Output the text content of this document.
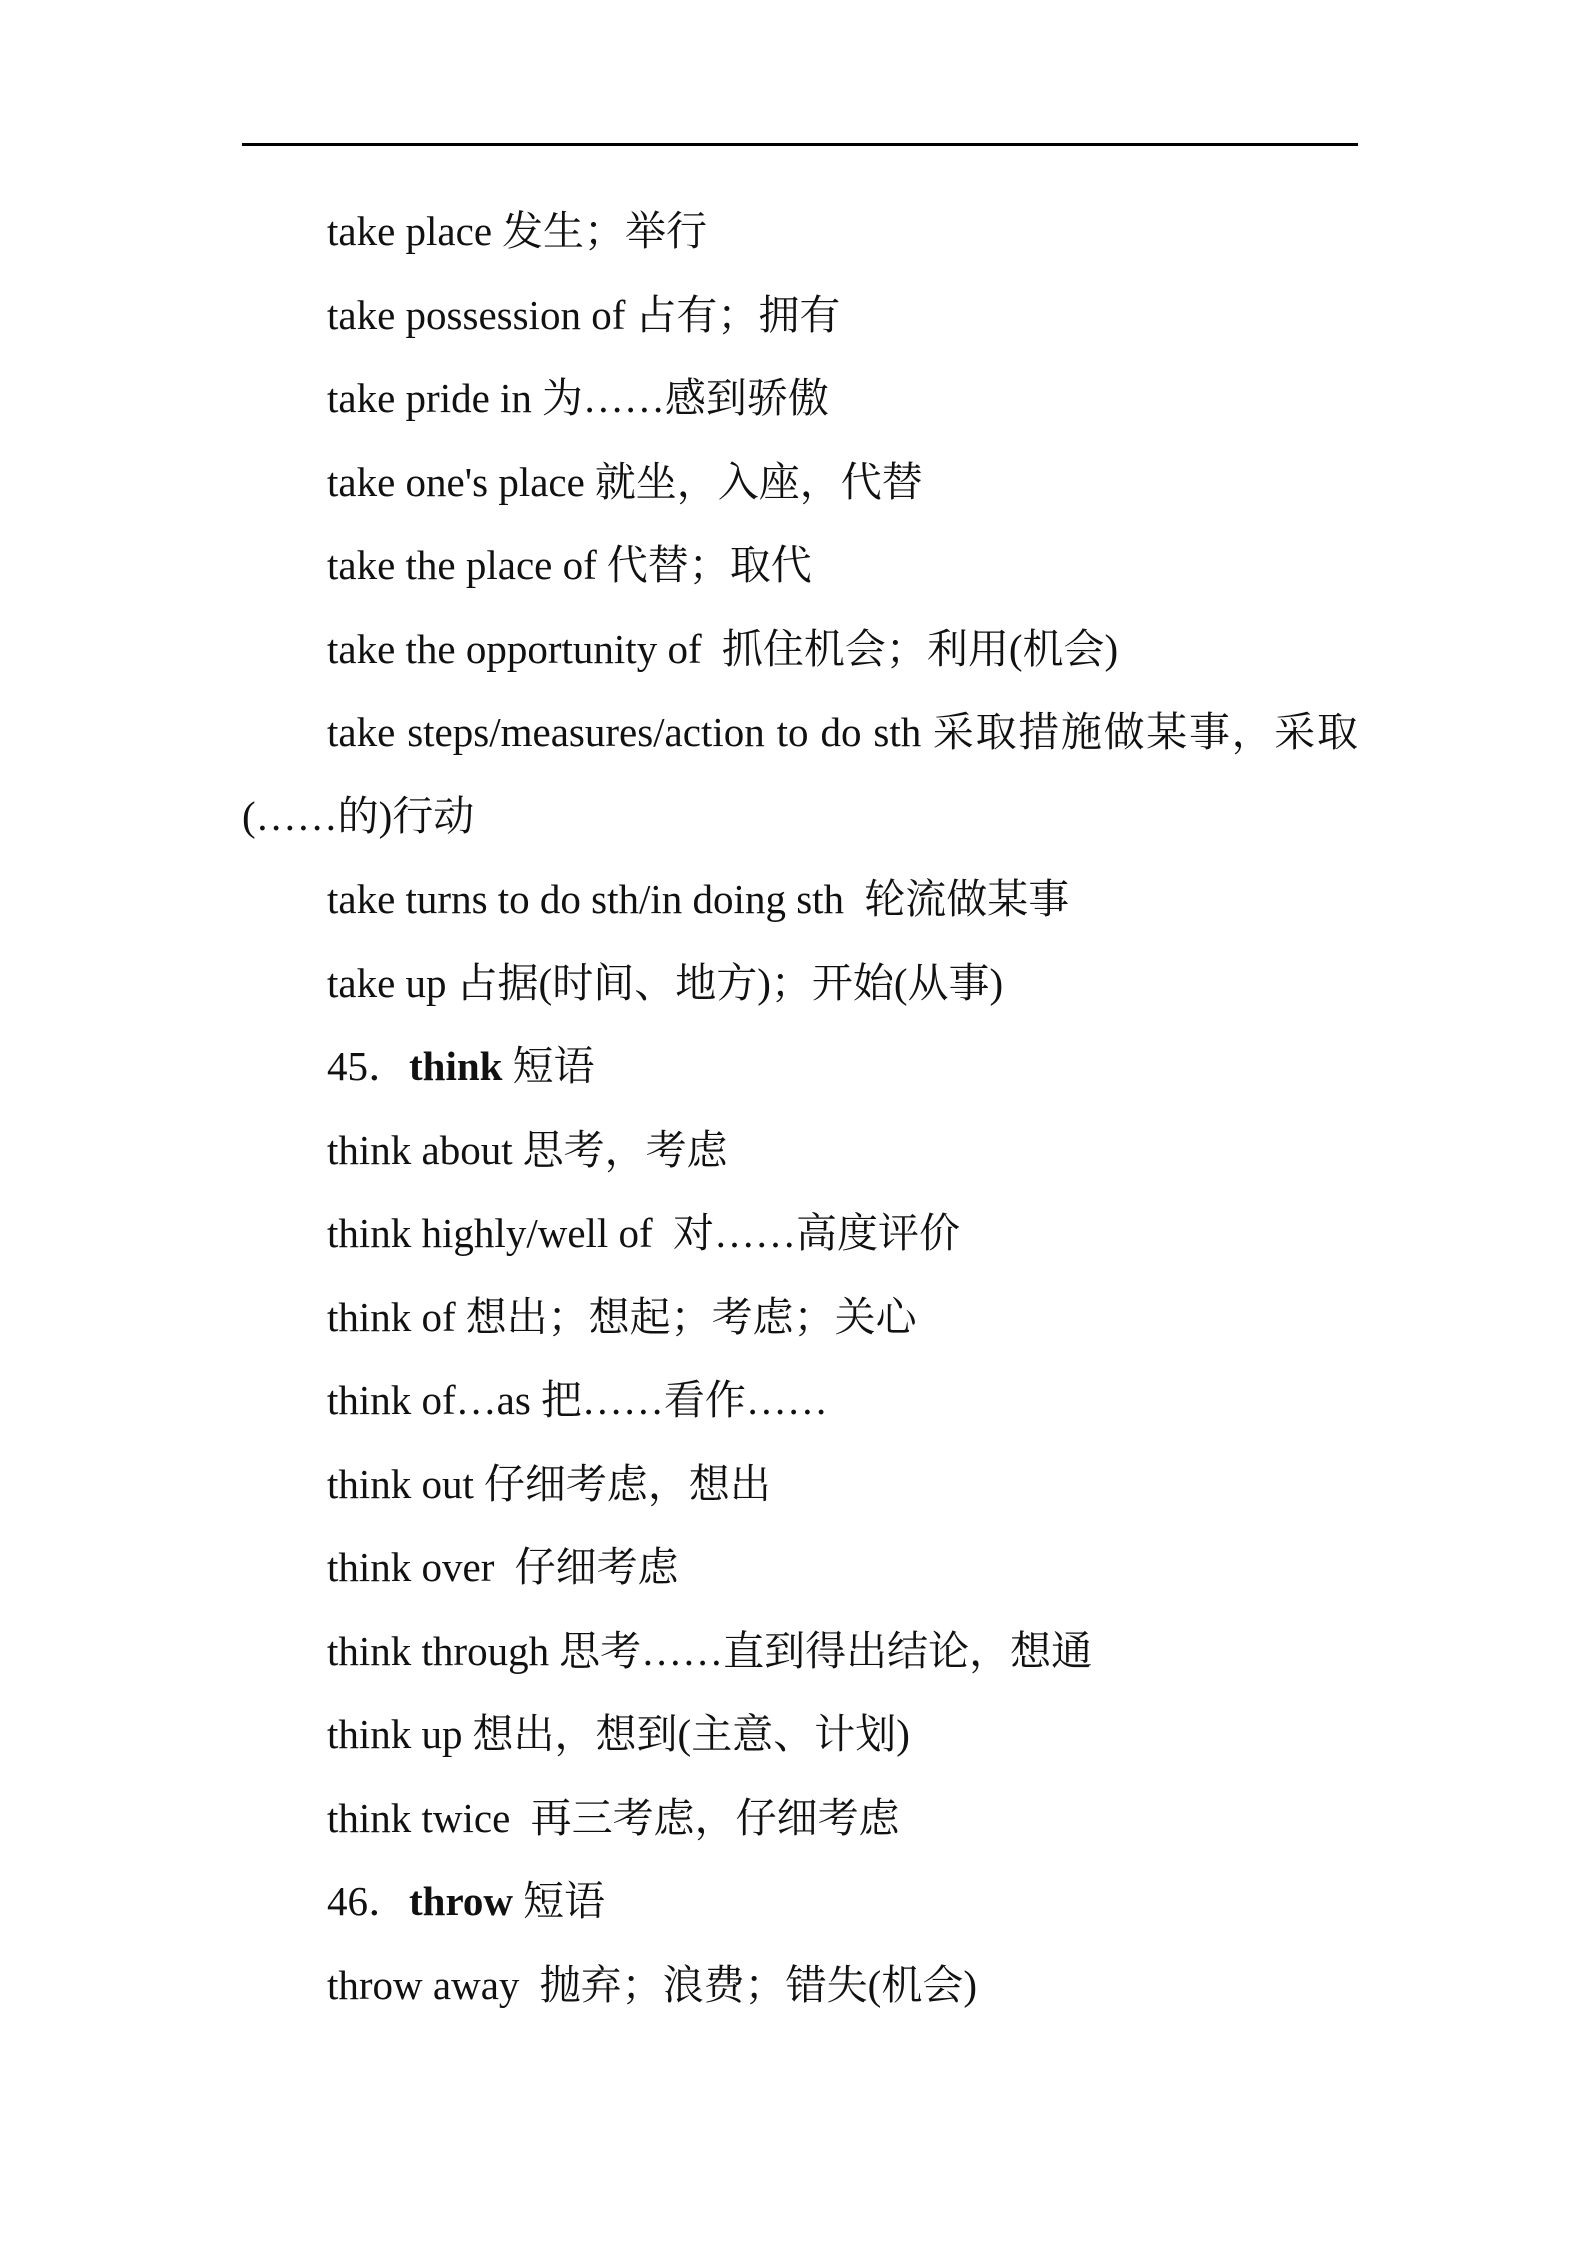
take place 发生；举行
take possession of 占有；拥有
take pride in 为……感到骄傲
take one's place 就坐，入座，代替
take the place of 代替；取代
take the opportunity of 抓住机会；利用(机会)
take steps/measures/action to do sth 采取措施做某事，采取(……的)行动
take turns to do sth/in doing sth 轮流做某事
take up 占据(时间、地方)；开始(从事)
45．think 短语
think about 思考，考虑
think highly/well of 对……高度评价
think of 想出；想起；考虑；关心
think of…as 把……看作……
think out 仔细考虑，想出
think over 仔细考虑
think through 思考……直到得出结论，想通
think up 想出，想到(主意、计划)
think twice 再三考虑，仔细考虑
46．throw 短语
throw away 抛弃；浪费；错失(机会)
